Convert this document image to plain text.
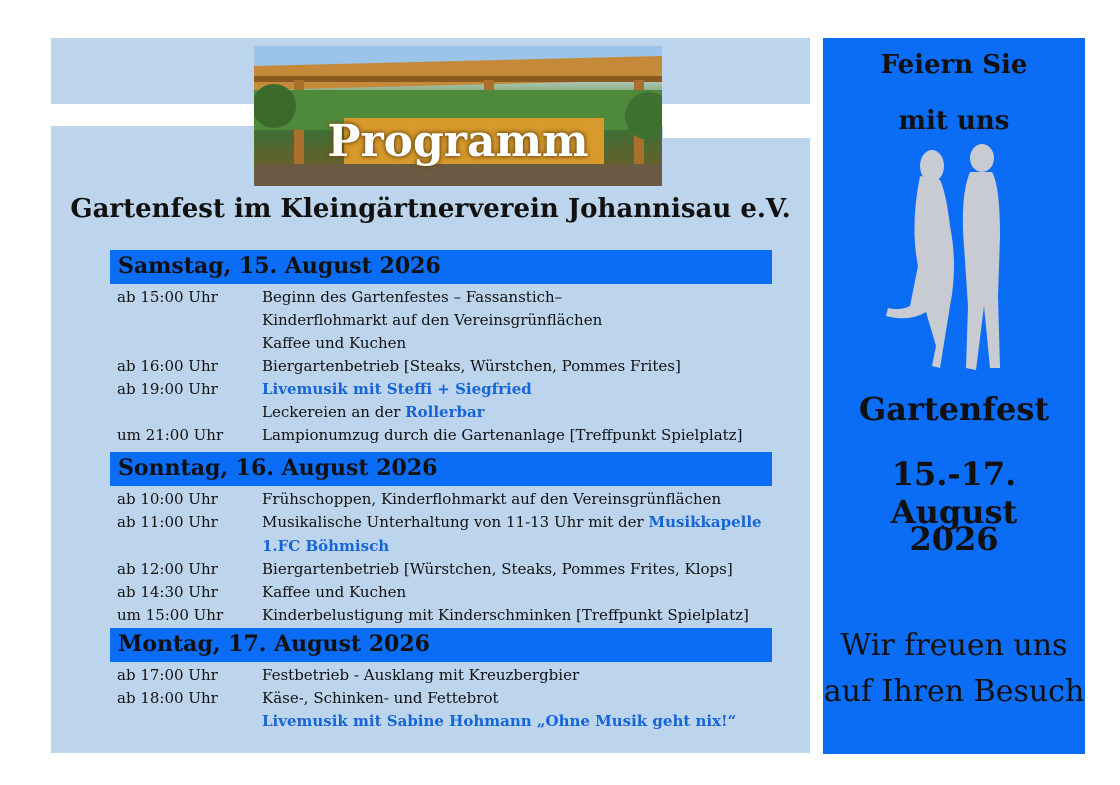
Programm
Gartenfest im Kleingärtnerverein Johannisau e.V.
Samstag, 15. August 2026
ab 15:00 Uhr	Beginn des Gartenfestes – Fassanstich–
Kinderflohmarkt auf den Vereinsgrünflächen
Kaffee und Kuchen
ab 16:00 Uhr	Biergartenbetrieb [Steaks, Würstchen, Pommes Frites]
ab 19:00 Uhr	Livemusik mit Steffi + Siegfried
Leckereien an der Rollerbar
um 21:00 Uhr	Lampionumzug durch die Gartenanlage [Treffpunkt Spielplatz]
Sonntag, 16. August 2026
ab 10:00 Uhr	Frühschoppen, Kinderflohmarkt auf den Vereinsgrünflächen
ab 11:00 Uhr	Musikalische Unterhaltung von 11-13 Uhr mit der Musikkapelle
1.FC Böhmisch
ab 12:00 Uhr	Biergartenbetrieb [Würstchen, Steaks, Pommes Frites, Klops]
ab 14:30 Uhr	Kaffee und Kuchen
um 15:00 Uhr	Kinderbelustigung mit Kinderschminken [Treffpunkt Spielplatz]
Montag, 17. August 2026
ab 17:00 Uhr	Festbetrieb - Ausklang mit Kreuzbergbier
ab 18:00 Uhr	Käse-, Schinken- und Fettebrot
Livemusik mit Sabine Hohmann „Ohne Musik geht nix!“
Feiern Sie
mit uns
Gartenfest
15.-17. August
2026
Wir freuen uns
auf Ihren Besuch
